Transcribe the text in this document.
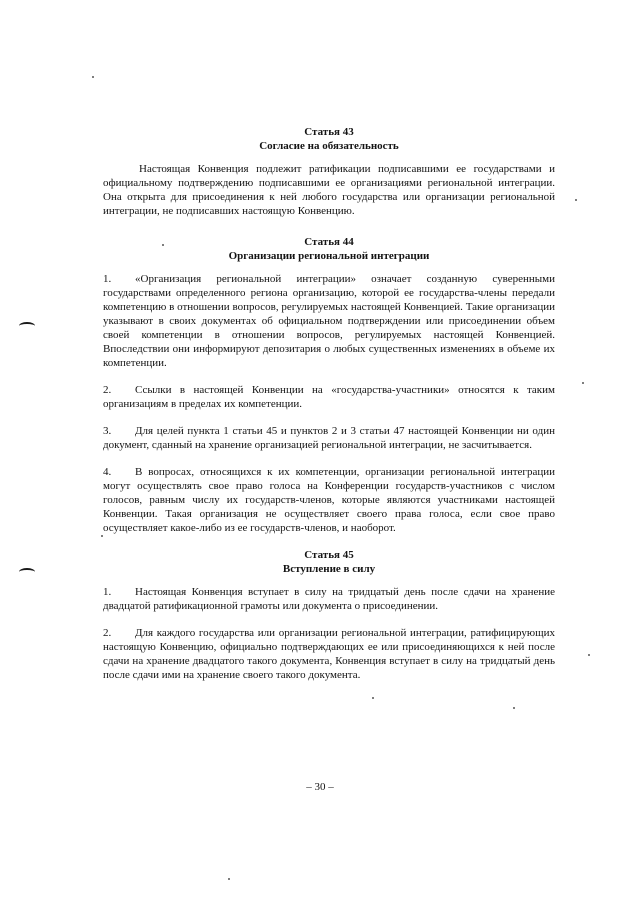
Статья 43
Согласие на обязательность

Настоящая Конвенция подлежит ратификации подписавшими ее государствами и официальному подтверждению подписавшими ее организациями региональной интеграции. Она открыта для присоединения к ней любого государства или организации региональной интеграции, не подписавших настоящую Конвенцию.

Статья 44
Организации региональной интеграции

1. «Организация региональной интеграции» означает созданную суверенными государствами определенного региона организацию, которой ее государства-члены передали компетенцию в отношении вопросов, регулируемых настоящей Конвенцией. Такие организации указывают в своих документах об официальном подтверждении или присоединении объем своей компетенции в отношении вопросов, регулируемых настоящей Конвенцией. Впоследствии они информируют депозитария о любых существенных изменениях в объеме их компетенции.

2. Ссылки в настоящей Конвенции на «государства-участники» относятся к таким организациям в пределах их компетенции.

3. Для целей пункта 1 статьи 45 и пунктов 2 и 3 статьи 47 настоящей Конвенции ни один документ, сданный на хранение организацией региональной интеграции, не засчитывается.

4. В вопросах, относящихся к их компетенции, организации региональной интеграции могут осуществлять свое право голоса на Конференции государств-участников с числом голосов, равным числу их государств-членов, которые являются участниками настоящей Конвенции. Такая организация не осуществляет своего права голоса, если свое право осуществляет какое-либо из ее государств-членов, и наоборот.

Статья 45
Вступление в силу

1. Настоящая Конвенция вступает в силу на тридцатый день после сдачи на хранение двадцатой ратификационной грамоты или документа о присоединении.

2. Для каждого государства или организации региональной интеграции, ратифицирующих настоящую Конвенцию, официально подтверждающих ее или присоединяющихся к ней после сдачи на хранение двадцатого такого документа, Конвенция вступает в силу на тридцатый день после сдачи ими на хранение своего такого документа.

– 30 –
